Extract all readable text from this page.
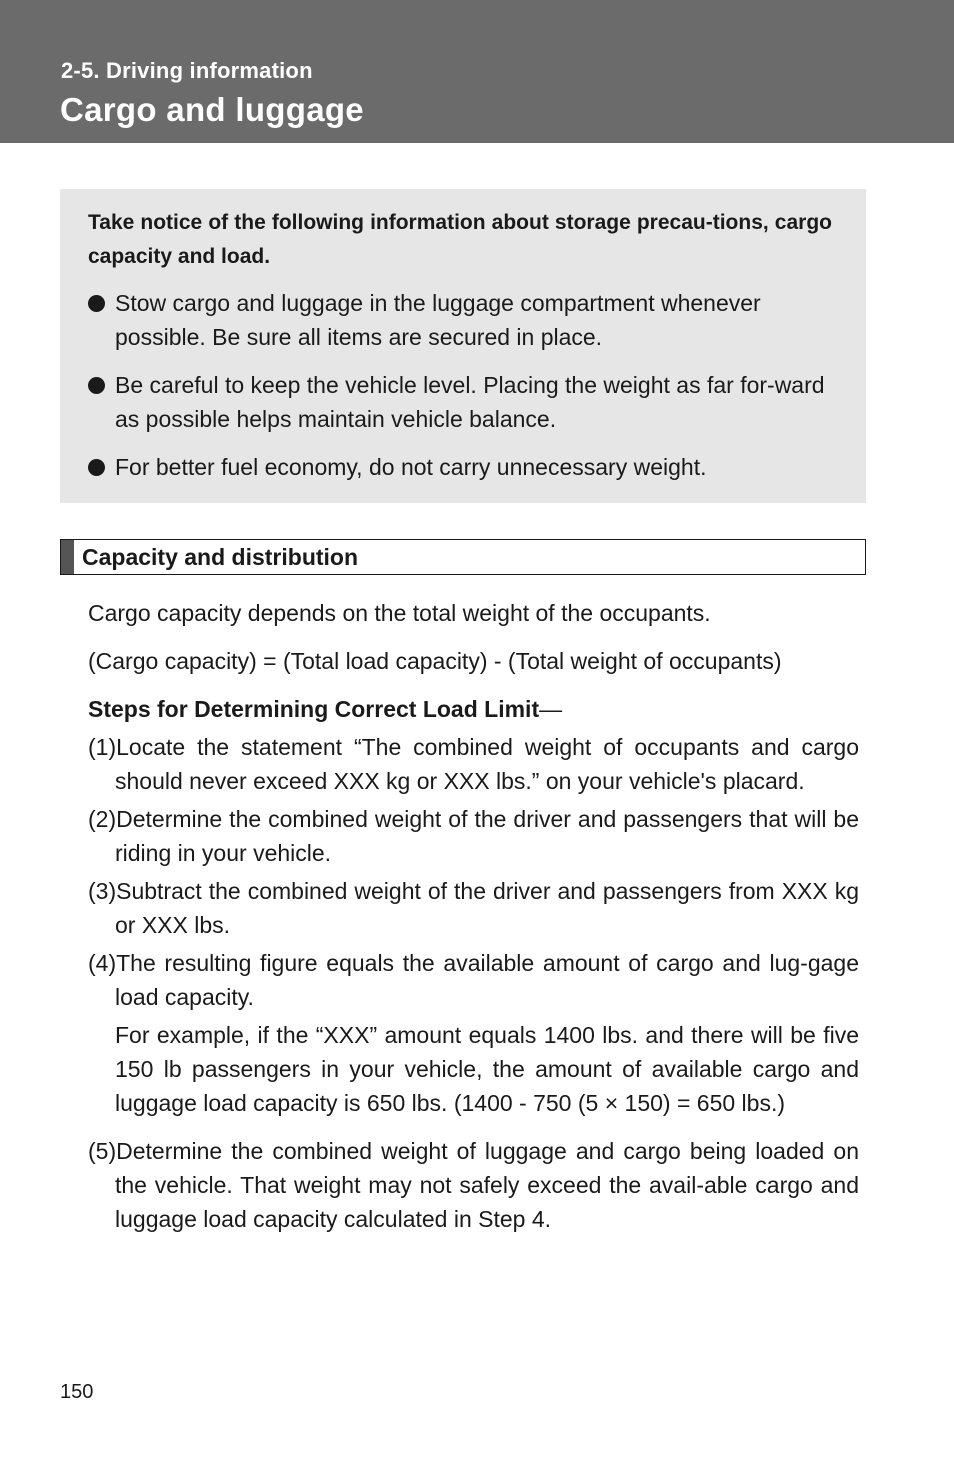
2-5. Driving information
Cargo and luggage

Take notice of the following information about storage precau-tions, cargo capacity and load.

Stow cargo and luggage in the luggage compartment whenever possible. Be sure all items are secured in place.
Be careful to keep the vehicle level. Placing the weight as far for-ward as possible helps maintain vehicle balance.
For better fuel economy, do not carry unnecessary weight.
Capacity and distribution

Cargo capacity depends on the total weight of the occupants.

(Cargo capacity) = (Total load capacity) - (Total weight of occupants)

Steps for Determining Correct Load Limit—

(1)Locate the statement “The combined weight of occupants and cargo should never exceed XXX kg or XXX lbs.” on your vehicle's placard.

(2)Determine the combined weight of the driver and passengers that will be riding in your vehicle.

(3)Subtract the combined weight of the driver and passengers from XXX kg or XXX lbs.

(4)The resulting figure equals the available amount of cargo and lug-gage load capacity.

For example, if the “XXX” amount equals 1400 lbs. and there will be five 150 lb passengers in your vehicle, the amount of available cargo and luggage load capacity is 650 lbs. (1400 - 750 (5 × 150) = 650 lbs.)

(5)Determine the combined weight of luggage and cargo being loaded on the vehicle. That weight may not safely exceed the avail-able cargo and luggage load capacity calculated in Step 4.

150
